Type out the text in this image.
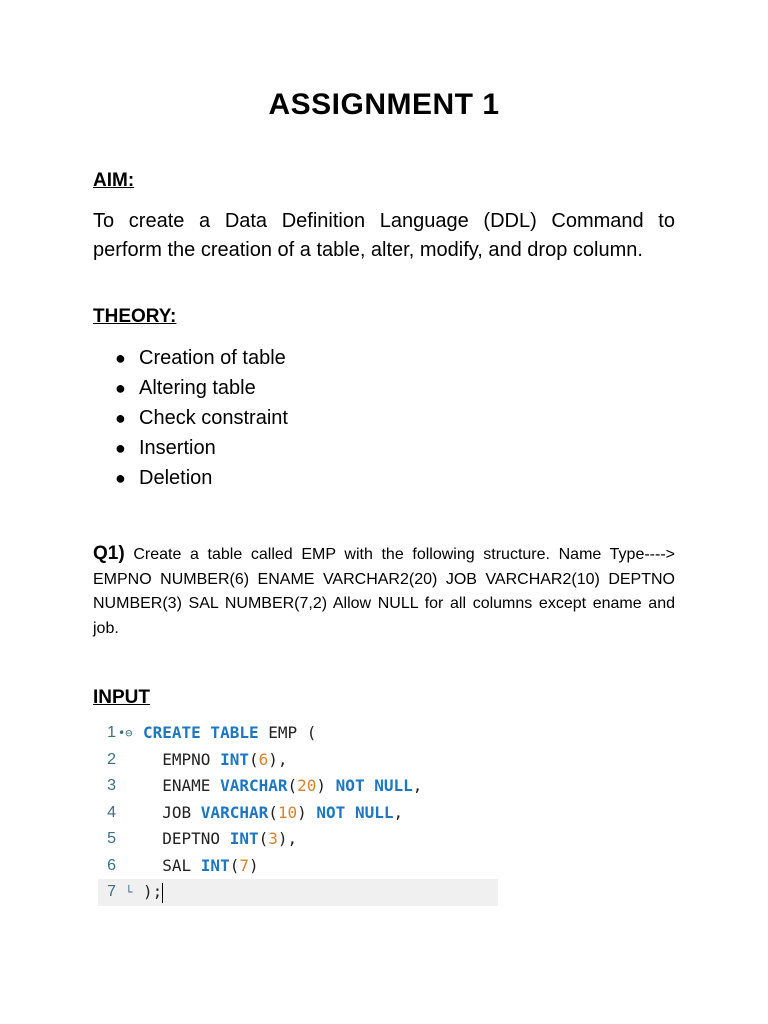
ASSIGNMENT 1
AIM:
To create a Data Definition Language (DDL) Command to perform the creation of a table, alter, modify, and drop column.
THEORY:
● Creation of table
● Altering table
● Check constraint
● Insertion
● Deletion
Q1) Create a table called EMP with the following structure. Name Type----> EMPNO NUMBER(6) ENAME VARCHAR2(20) JOB VARCHAR2(10) DEPTNO NUMBER(3) SAL NUMBER(7,2) Allow NULL for all columns except ename and job.
INPUT
1 •⊖ CREATE TABLE EMP (
2 EMPNO INT(6),
3 ENAME VARCHAR(20) NOT NULL,
4 JOB VARCHAR(10) NOT NULL,
5 DEPTNO INT(3),
6 SAL INT(7)
7 └ );
